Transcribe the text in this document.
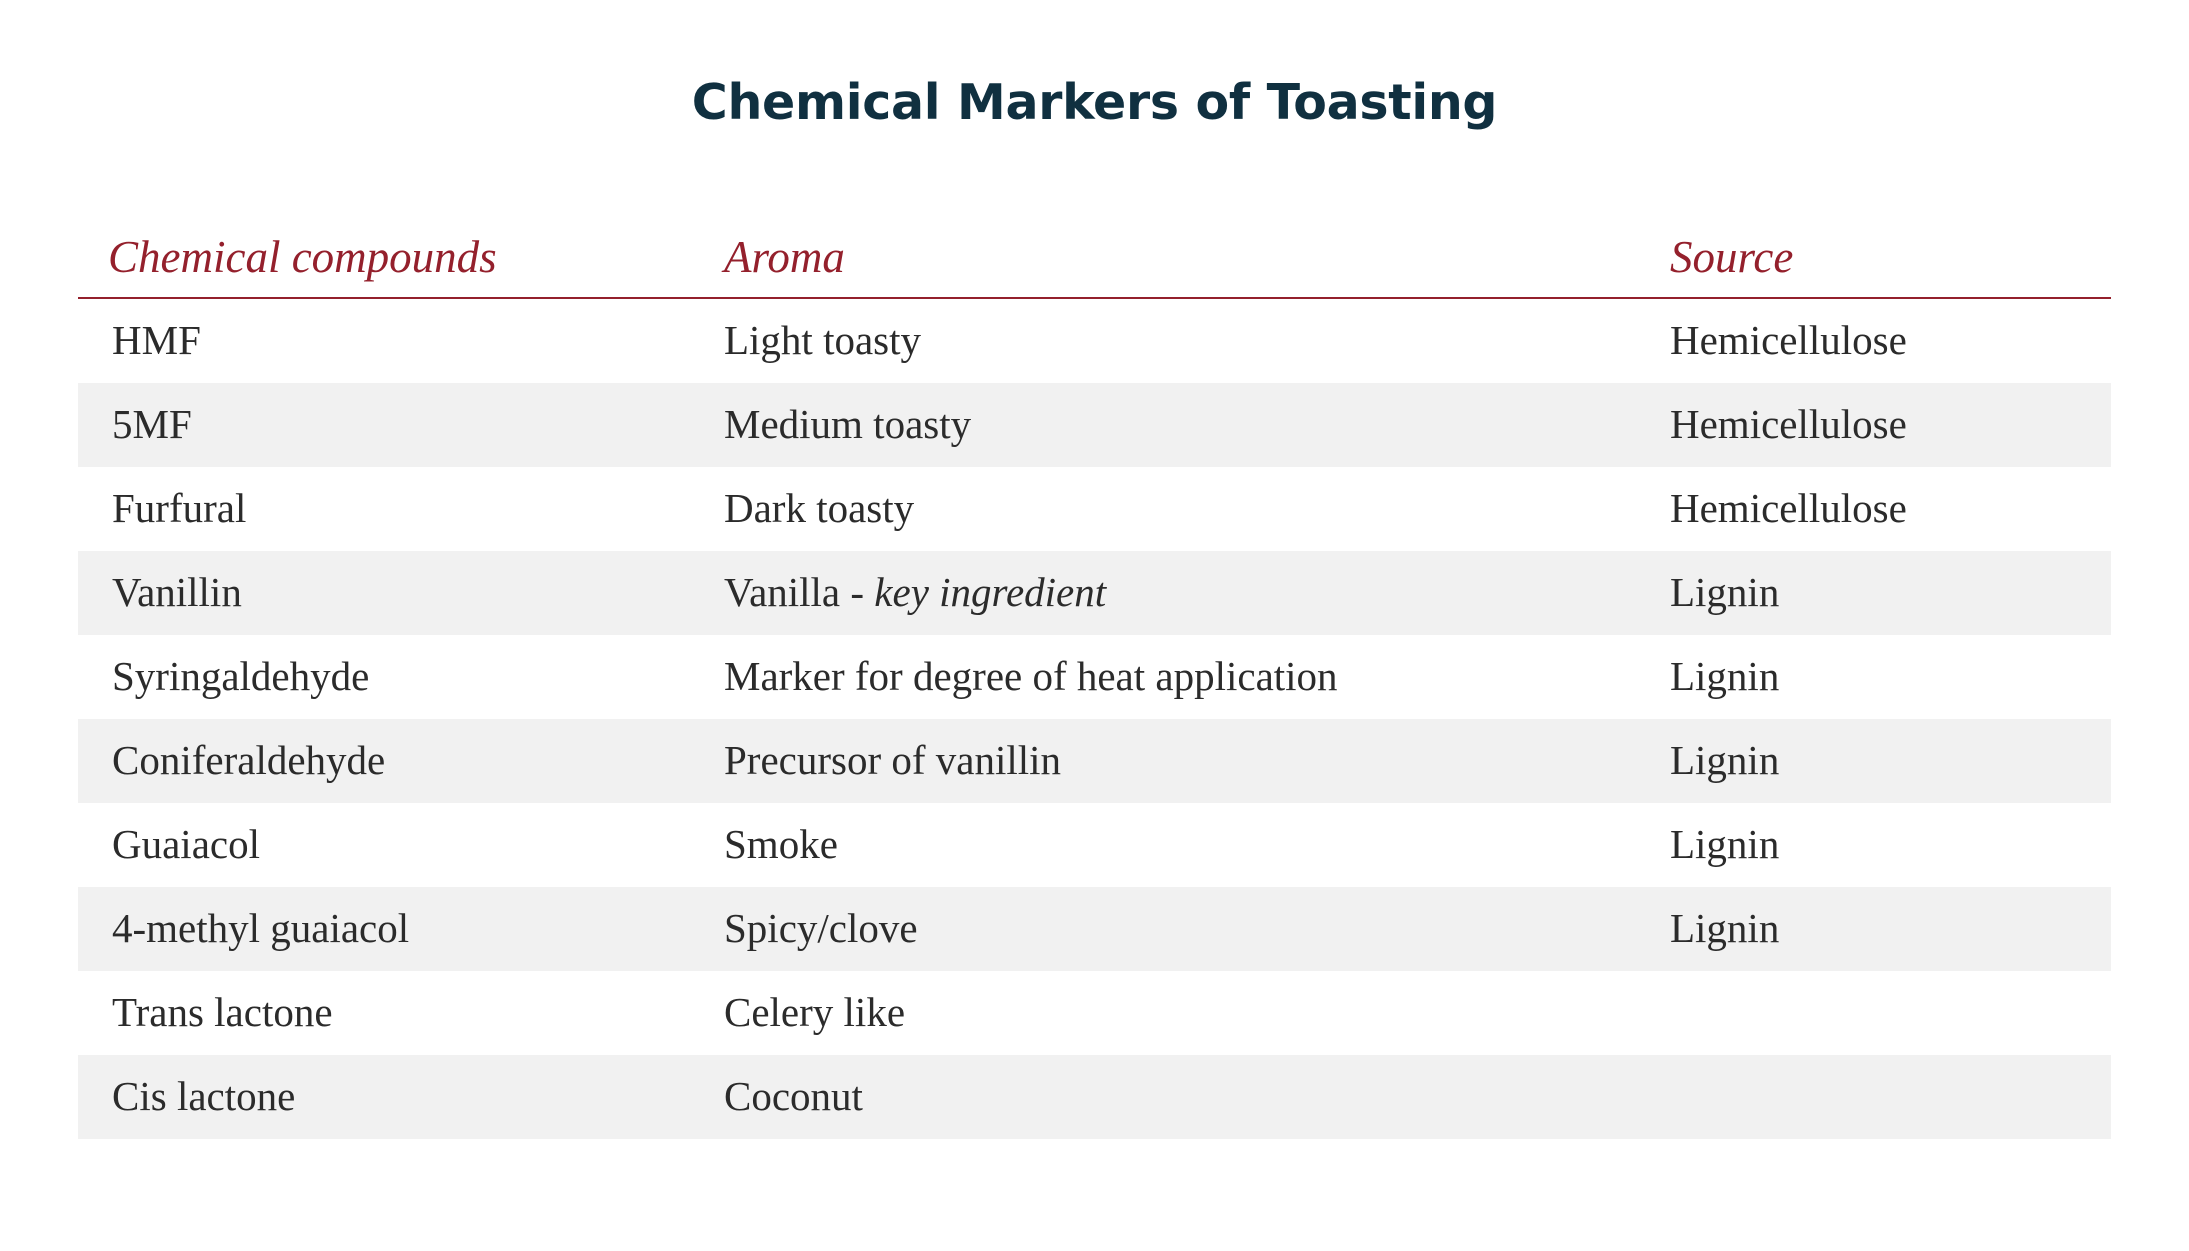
Chemical Markers of Toasting
Chemical compounds	Aroma	Source
HMF	Light toasty	Hemicellulose
5MF	Medium toasty	Hemicellulose
Furfural	Dark toasty	Hemicellulose
Vanillin	Vanilla - key ingredient	Lignin
Syringaldehyde	Marker for degree of heat application	Lignin
Coniferaldehyde	Precursor of vanillin	Lignin
Guaiacol	Smoke	Lignin
4-methyl guaiacol	Spicy/clove	Lignin
Trans lactone	Celery like	
Cis lactone	Coconut	
